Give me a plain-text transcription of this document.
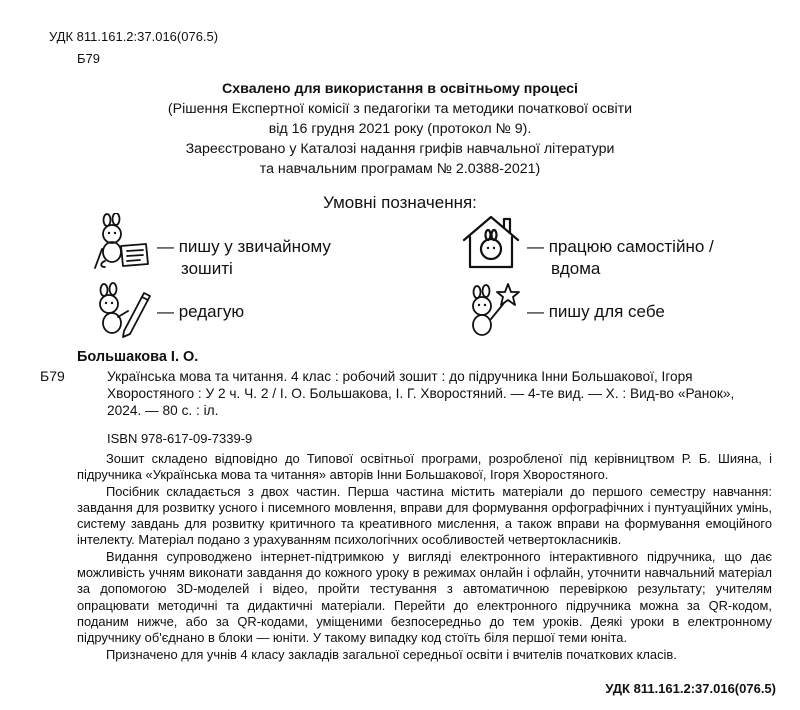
УДК 811.161.2:37.016(076.5)
Б79
Схвалено для використання в освітньому процесі
(Рішення Експертної комісії з педагогіки та методики початкової освіти
від 16 грудня 2021 року (протокол № 9).
Зареєстровано у Каталозі надання грифів навчальної літератури
та навчальним програмам № 2.0388-2021)
Умовні позначення:
— пишу у звичайному
зошиті
— працюю самостійно /
вдома
— редагую	— пишу для себе
Большакова І. О.
Б79	Українська мова та читання. 4 клас : робочий зошит : до підручника Інни Большакової, Ігоря
Хворостяного : У 2 ч. Ч. 2 / І. О. Большакова, І. Г. Хворостяний. — 4-те вид. — Х. : Вид-во «Ранок»,
2024. — 80 с. : іл.
ISBN 978-617-09-7339-9

Зошит складено відповідно до Типової освітньої програми, розробленої під керівництвом Р. Б. Шияна, і підручника «Українська мова та читання» авторів Інни Большакової, Ігоря Хворостяного.

Посібник складається з двох частин. Перша частина містить матеріали до першого семестру навчання: завдання для розвитку усного і писемного мовлення, вправи для формування орфографічних і пунтуаційних умінь, систему завдань для розвитку критичного та креативного мислення, а також вправи на формування емоційного інтелекту. Матеріал подано з урахуванням психологічних особливостей четвертокласників.

Видання супроводжено інтернет-підтримкою у вигляді електронного інтерактивного підручника, що дає можливість учням виконати завдання до кожного уроку в режимах онлайн і офлайн, уточнити навчальний матеріал за допомогою 3D-моделей і відео, пройти тестування з автоматичною перевіркою результату; учителям опрацювати методичні та дидактичні матеріали. Перейти до електронного підручника можна за QR-кодом, поданим нижче, або за QR-кодами, уміщеними безпосередньо до тем уроків. Деякі уроки в електронному підручнику об'єднано в блоки — юніти. У такому випадку код стоїть біля першої теми юніта.

Призначено для учнів 4 класу закладів загальної середньої освіти і вчителів початкових класів.

УДК 811.161.2:37.016(076.5)
